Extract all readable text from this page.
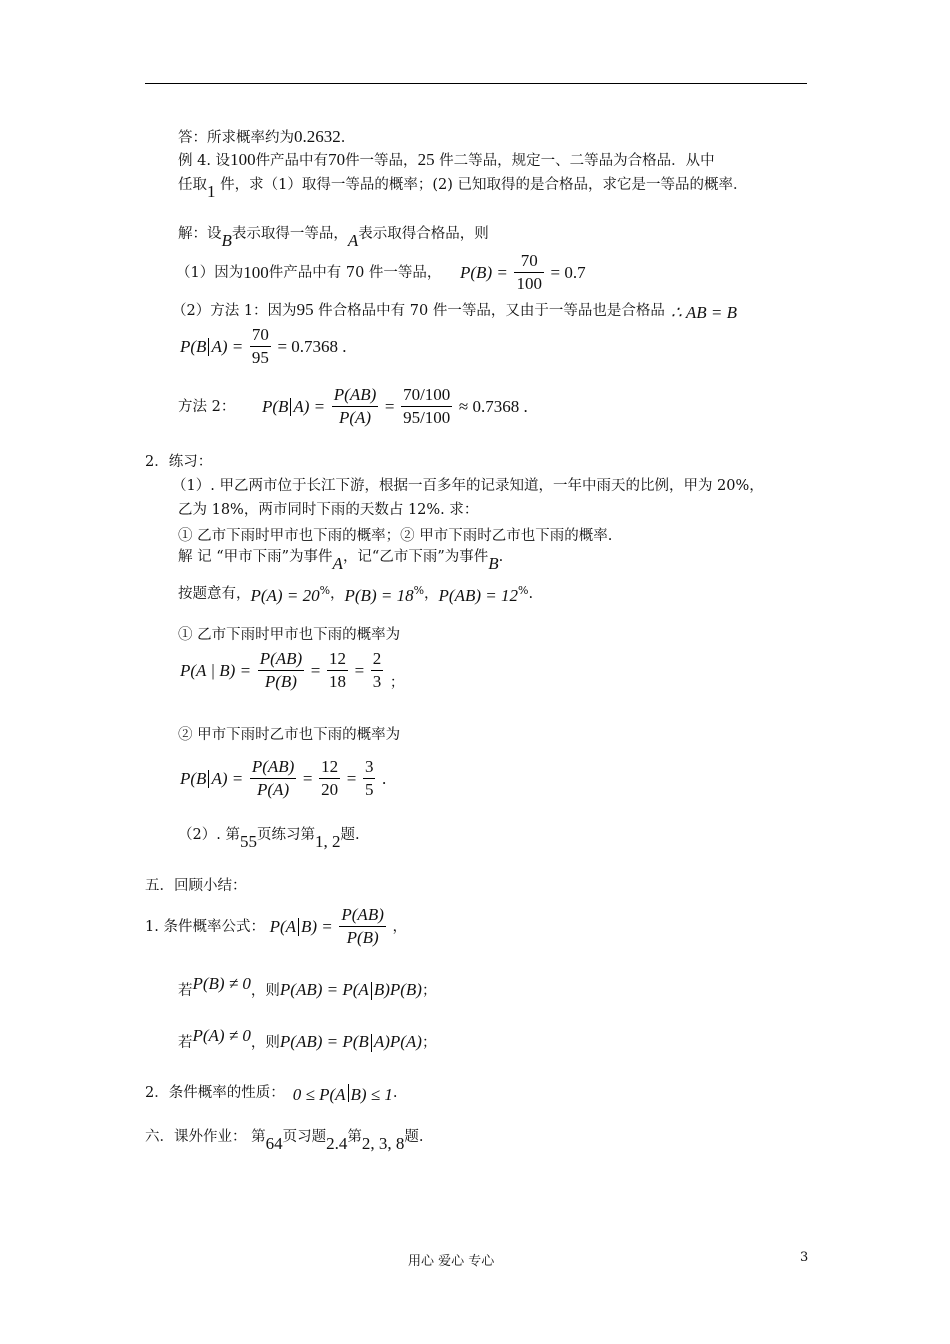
答：所求概率约为0.2632.
例 4. 设100件产品中有70件一等品，25 件二等品，规定一、二等品为合格品．从中
任取1 件，求（1）取得一等品的概率；(2) 已知取得的是合格品，求它是一等品的概率．
解：设B表示取得一等品，A表示取得合格品，则
（1）因为100件产品中有 70 件一等品， $P(B) = \frac{70}{100} = 0.7$
（2）方法 1：因为95 件合格品中有 70 件一等品，又由于一等品也是合格品 ∴ AB = B
P(B $A) = \frac{70}{95} = 0.7368$ .
方法 2： P(B $A) = \frac{P(AB)}{P(A)} = \frac{70/100}{95/100} \approx 0.7368$ .
2．练习：
（1）. 甲乙两市位于长江下游，根据一百多年的记录知道，一年中雨天的比例，甲为 20%，
乙为 18%，两市同时下雨的天数占 12%. 求：
① 乙市下雨时甲市也下雨的概率；② 甲市下雨时乙市也下雨的概率.
解 记 “甲市下雨”为事件A，记“乙市下雨”为事件B.
按题意有，P(A) = 20%，P(B) = 18%，P(AB) = 12%.
① 乙市下雨时甲市也下雨的概率为
P(A | $B) = \frac{P(AB)}{P(B)} = \frac{12}{18} = \frac{2}{3}$ ；
② 甲市下雨时乙市也下雨的概率为
P(B $A) = \frac{P(AB)}{P(A)} = \frac{12}{20} = \frac{3}{5}$ .
（2）. 第55页练习第1, 2题.
五．回顾小结：
1. 条件概率公式： P(A $B) = \frac{P(AB)}{P(B)}$ ，
若P(B) ≠ 0，则P(AB) = P(A B)P(B)；
若P(A) ≠ 0，则P(AB) = P(B A)P(A)；
2．条件概率的性质： 0 ≤ P(A B) ≤ 1.
六．课外作业： 第64页习题2.4第2, 3, 8题.
用心 爱心 专心	3
